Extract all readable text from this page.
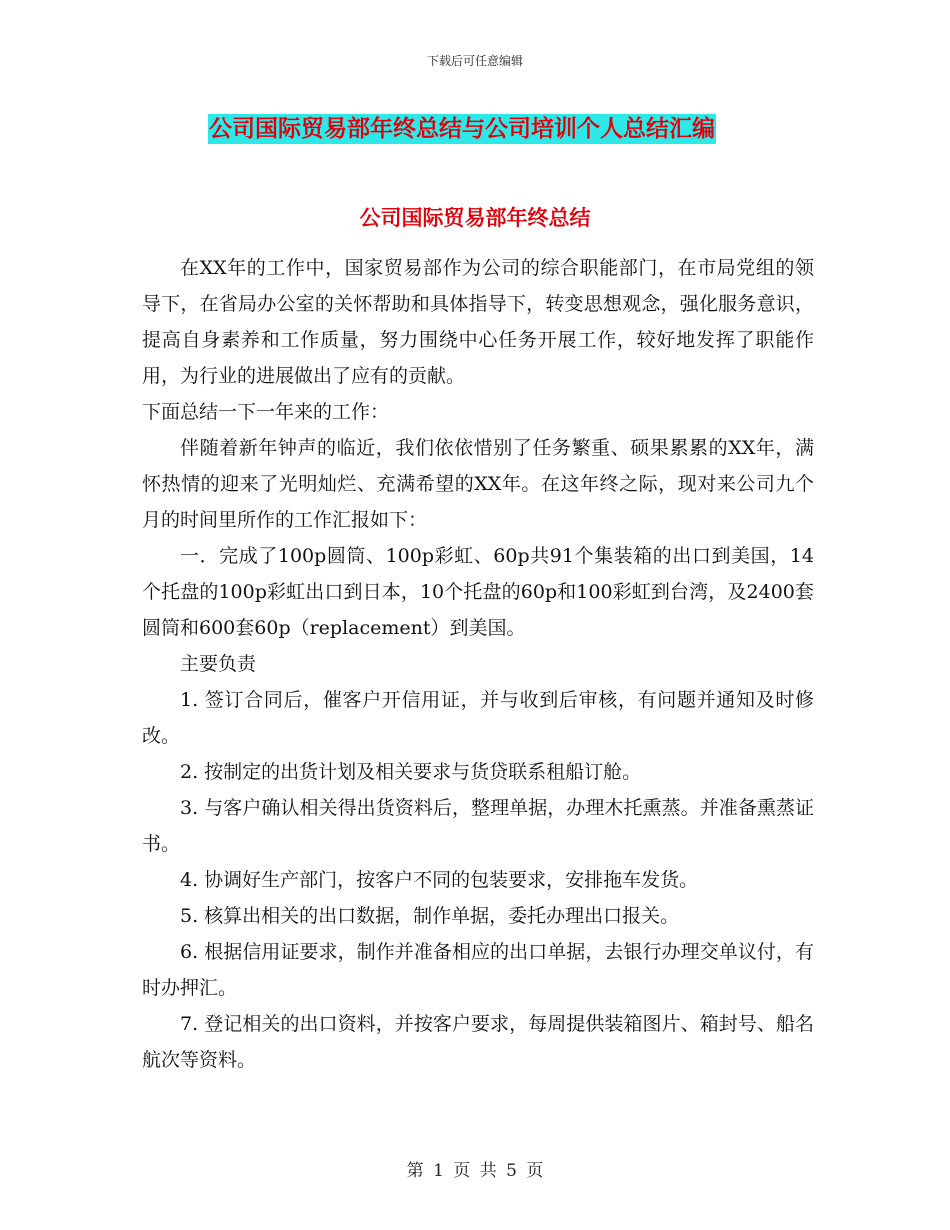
下载后可任意编辑
公司国际贸易部年终总结与公司培训个人总结汇编
公司国际贸易部年终总结

在XX年的工作中，国家贸易部作为公司的综合职能部门，在市局党组的领导下，在省局办公室的关怀帮助和具体指导下，转变思想观念，强化服务意识，提高自身素养和工作质量，努力围绕中心任务开展工作，较好地发挥了职能作用，为行业的进展做出了应有的贡献。

下面总结一下一年来的工作：

伴随着新年钟声的临近，我们依依惜别了任务繁重、硕果累累的XX年，满怀热情的迎来了光明灿烂、充满希望的XX年。在这年终之际，现对来公司九个月的时间里所作的工作汇报如下：

一．完成了100p圆筒、100p彩虹、60p共91个集装箱的出口到美国，14个托盘的100p彩虹出口到日本，10个托盘的60p和100彩虹到台湾，及2400套圆筒和600套60p（replacement）到美国。

主要负责

1. 签订合同后，催客户开信用证，并与收到后审核，有问题并通知及时修改。

2. 按制定的出货计划及相关要求与货贷联系租船订舱。

3. 与客户确认相关得出货资料后，整理单据，办理木托熏蒸。并准备熏蒸证书。

4. 协调好生产部门，按客户不同的包装要求，安排拖车发货。

5. 核算出相关的出口数据，制作单据，委托办理出口报关。

6. 根据信用证要求，制作并准备相应的出口单据，去银行办理交单议付，有时办押汇。

7. 登记相关的出口资料，并按客户要求，每周提供装箱图片、箱封号、船名航次等资料。

第 1 页 共 5 页
